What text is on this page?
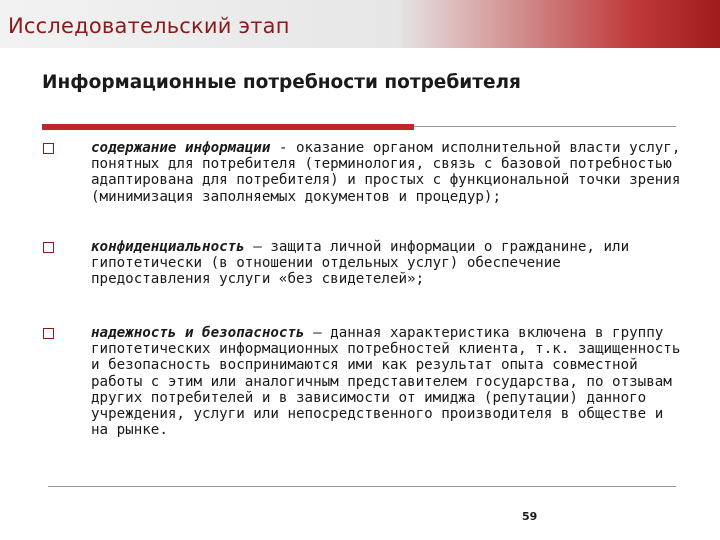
Исследовательский этап
Информационные потребности потребителя
содержание информации - оказание органом исполнительной власти услуг, понятных для потребителя (терминология, связь с базовой потребностью адаптирована для потребителя) и простых с функциональной точки зрения (минимизация заполняемых документов и процедур);
конфиденциальность – защита личной информации о гражданине, или гипотетически (в отношении отдельных услуг) обеспечение предоставления услуги «без свидетелей»;
надежность и безопасность – данная характеристика включена в группу гипотетических информационных потребностей клиента, т.к. защищенность и безопасность воспринимаются ими как результат опыта совместной работы с этим или аналогичным представителем государства, по отзывам других потребителей и в зависимости от имиджа (репутации) данного учреждения, услуги или непосредственного производителя в обществе и на рынке.
59
